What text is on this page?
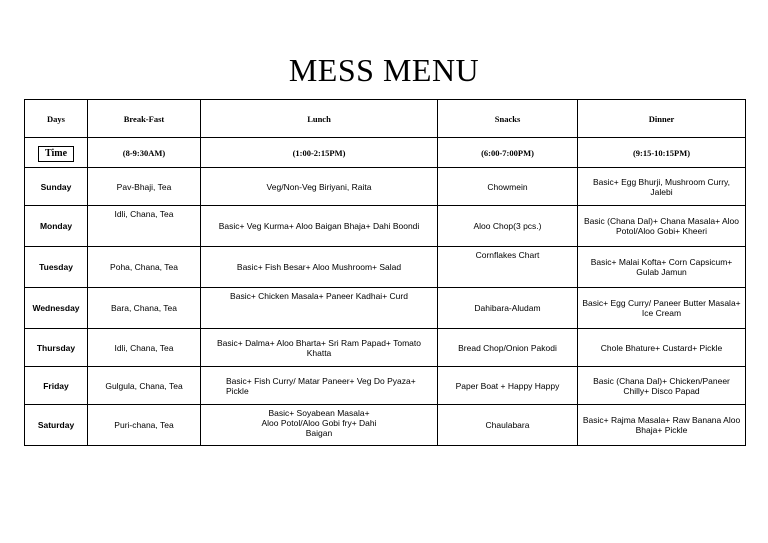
MESS MENU
Days	Break-Fast	Lunch	Snacks	Dinner
Time	(8-9:30AM)	(1:00-2:15PM)	(6:00-7:00PM)	(9:15-10:15PM)
Sunday	Pav-Bhaji, Tea	Veg/Non-Veg Biriyani, Raita	Chowmein	Basic+ Egg Bhurji, Mushroom Curry, Jalebi
Monday	Idli, Chana, Tea	Basic+ Veg Kurma+ Aloo Baigan Bhaja+ Dahi Boondi	Aloo Chop(3 pcs.)	Basic (Chana Dal)+ Chana Masala+ Aloo Potol/Aloo Gobi+ Kheeri
Tuesday	Poha, Chana, Tea	Basic+ Fish Besar+ Aloo Mushroom+ Salad	Cornflakes Chart	Basic+ Malai Kofta+ Corn Capsicum+ Gulab Jamun
Wednesday	Bara, Chana, Tea	Basic+ Chicken Masala+ Paneer Kadhai+ Curd	Dahibara-Aludam	Basic+ Egg Curry/ Paneer Butter Masala+ Ice Cream
Thursday	Idli, Chana, Tea	Basic+ Dalma+ Aloo Bharta+ Sri Ram Papad+ Tomato Khatta	Bread Chop/Onion Pakodi	Chole Bhature+ Custard+ Pickle
Friday	Gulgula, Chana, Tea	Basic+ Fish Curry/ Matar Paneer+ Veg Do Pyaza+ Pickle	Paper Boat + Happy Happy	Basic (Chana Dal)+ Chicken/Paneer Chilly+ Disco Papad
Saturday	Puri-chana, Tea	Basic+ Soyabean Masala+ Aloo Potol/Aloo Gobi fry+ Dahi Baigan	Chaulabara	Basic+ Rajma Masala+ Raw Banana Aloo Bhaja+ Pickle
